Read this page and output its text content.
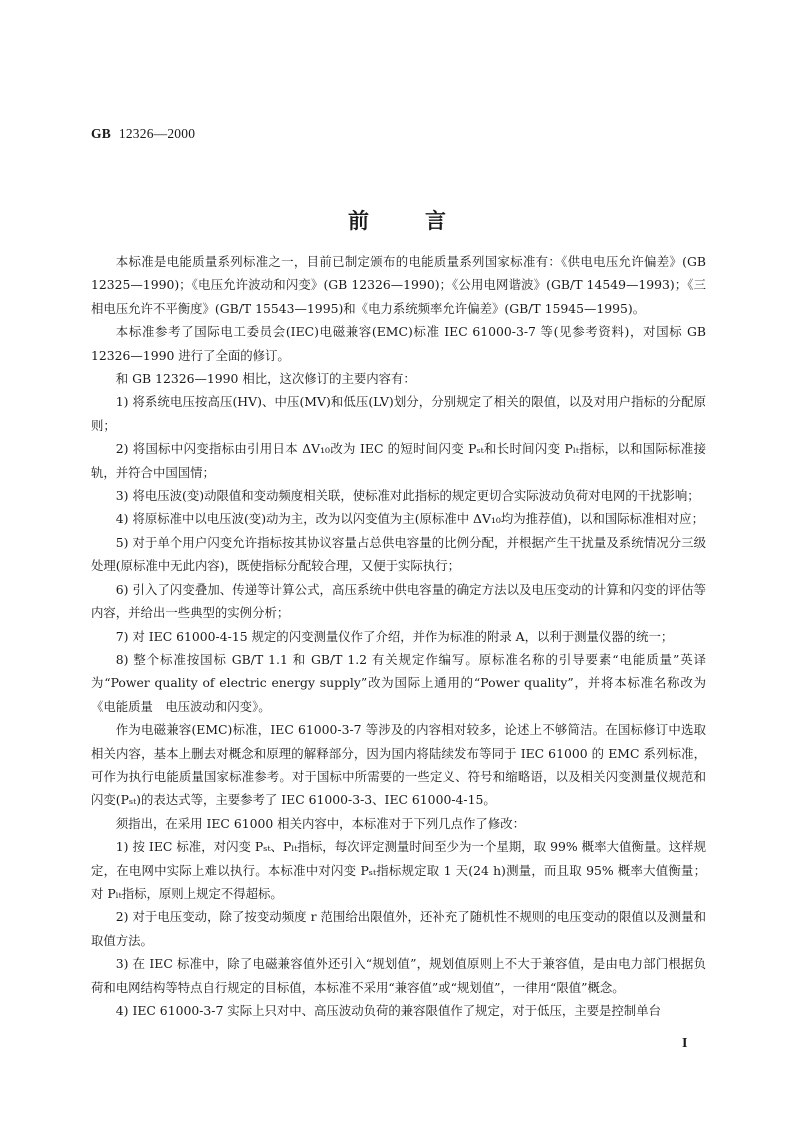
GB 12326—2000
前	言

本标准是电能质量系列标准之一，目前已制定颁布的电能质量系列国家标准有：《供电电压允许偏差》(GB 12325—1990)；《电压允许波动和闪变》(GB 12326—1990)；《公用电网谐波》(GB/T 14549—1993)；《三相电压允许不平衡度》(GB/T 15543—1995)和《电力系统频率允许偏差》(GB/T 15945—1995)。

本标准参考了国际电工委员会(IEC)电磁兼容(EMC)标准 IEC 61000-3-7 等(见参考资料)，对国标 GB 12326—1990 进行了全面的修订。

和 GB 12326—1990 相比，这次修订的主要内容有：

1) 将系统电压按高压(HV)、中压(MV)和低压(LV)划分，分别规定了相关的限值，以及对用户指标的分配原则；

2) 将国标中闪变指标由引用日本 ΔV₁₀改为 IEC 的短时间闪变 Pₛₜ和长时间闪变 Pₗₜ指标，以和国际标准接轨，并符合中国国情；

3) 将电压波(变)动限值和变动频度相关联，使标准对此指标的规定更切合实际波动负荷对电网的干扰影响；

4) 将原标准中以电压波(变)动为主，改为以闪变值为主(原标准中 ΔV₁₀均为推荐值)，以和国际标准相对应；

5) 对于单个用户闪变允许指标按其协议容量占总供电容量的比例分配，并根据产生干扰量及系统情况分三级处理(原标准中无此内容)，既使指标分配较合理，又便于实际执行；

6) 引入了闪变叠加、传递等计算公式，高压系统中供电容量的确定方法以及电压变动的计算和闪变的评估等内容，并给出一些典型的实例分析；

7) 对 IEC 61000-4-15 规定的闪变测量仪作了介绍，并作为标准的附录 A，以利于测量仪器的统一；

8) 整个标准按国标 GB/T 1.1 和 GB/T 1.2 有关规定作编写。原标准名称的引导要素“电能质量”英译为“Power quality of electric energy supply”改为国际上通用的“Power quality”，并将本标准名称改为《电能质量　电压波动和闪变》。

作为电磁兼容(EMC)标准，IEC 61000-3-7 等涉及的内容相对较多，论述上不够简洁。在国标修订中选取相关内容，基本上删去对概念和原理的解释部分，因为国内将陆续发布等同于 IEC 61000 的 EMC 系列标准，可作为执行电能质量国家标准参考。对于国标中所需要的一些定义、符号和缩略语，以及相关闪变测量仪规范和闪变(Pₛₜ)的表达式等，主要参考了 IEC 61000-3-3、IEC 61000-4-15。

须指出，在采用 IEC 61000 相关内容中，本标准对于下列几点作了修改：

1) 按 IEC 标准，对闪变 Pₛₜ、Pₗₜ指标，每次评定测量时间至少为一个星期，取 99% 概率大值衡量。这样规定，在电网中实际上难以执行。本标准中对闪变 Pₛₜ指标规定取 1 天(24 h)测量，而且取 95% 概率大值衡量；对 Pₗₜ指标，原则上规定不得超标。

2) 对于电压变动，除了按变动频度 r 范围给出限值外，还补充了随机性不规则的电压变动的限值以及测量和取值方法。

3) 在 IEC 标准中，除了电磁兼容值外还引入“规划值”，规划值原则上不大于兼容值，是由电力部门根据负荷和电网结构等特点自行规定的目标值，本标准不采用“兼容值”或“规划值”，一律用“限值”概念。

4) IEC 61000-3-7 实际上只对中、高压波动负荷的兼容限值作了规定，对于低压，主要是控制单台

I
